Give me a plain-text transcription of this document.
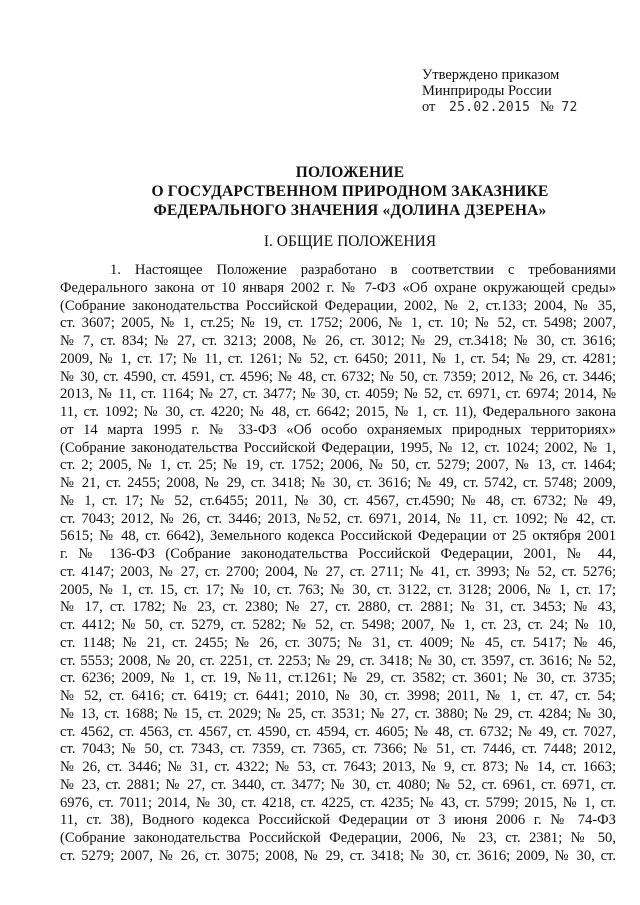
Утверждено приказом
Минприроды России
от 25.02.2015 № 72
ПОЛОЖЕНИЕ
О ГОСУДАРСТВЕННОМ ПРИРОДНОМ ЗАКАЗНИКЕ
ФЕДЕРАЛЬНОГО ЗНАЧЕНИЯ «ДОЛИНА ДЗЕРЕНА»
I. ОБЩИЕ ПОЛОЖЕНИЯ
1. Настоящее Положение разработано в соответствии с требованиями
Федерального закона от 10 января 2002 г. № 7-ФЗ «Об охране окружающей среды»
(Собрание законодательства Российской Федерации, 2002, № 2, ст.133; 2004, № 35,
ст. 3607; 2005, № 1, ст.25; № 19, ст. 1752; 2006, № 1, ст. 10; № 52, ст. 5498; 2007,
№ 7, ст. 834; № 27, ст. 3213; 2008, № 26, ст. 3012; № 29, ст.3418; № 30, ст. 3616;
2009, № 1, ст. 17; № 11, ст. 1261; № 52, ст. 6450; 2011, № 1, ст. 54; № 29, ст. 4281;
№ 30, ст. 4590, ст. 4591, ст. 4596; № 48, ст. 6732; № 50, ст. 7359; 2012, № 26, ст. 3446;
2013, № 11, ст. 1164; № 27, ст. 3477; № 30, ст. 4059; № 52, ст. 6971, ст. 6974; 2014, №
11, ст. 1092; № 30, ст. 4220; № 48, ст. 6642; 2015, № 1, ст. 11), Федерального закона
от 14 марта 1995 г. № 33-ФЗ «Об особо охраняемых природных территориях»
(Собрание законодательства Российской Федерации, 1995, № 12, ст. 1024; 2002, № 1,
ст. 2; 2005, № 1, ст. 25; № 19, ст. 1752; 2006, № 50, ст. 5279; 2007, № 13, ст. 1464;
№ 21, ст. 2455; 2008, № 29, ст. 3418; № 30, ст. 3616; № 49, ст. 5742, ст. 5748; 2009,
№ 1, ст. 17; № 52, ст.6455; 2011, № 30, ст. 4567, ст.4590; № 48, ст. 6732; № 49,
ст. 7043; 2012, № 26, ст. 3446; 2013, №52, ст. 6971, 2014, № 11, ст. 1092; № 42, ст.
5615; № 48, ст. 6642), Земельного кодекса Российской Федерации от 25 октября 2001
г. № 136-ФЗ (Собрание законодательства Российской Федерации, 2001, № 44,
ст. 4147; 2003, № 27, ст. 2700; 2004, № 27, ст. 2711; № 41, ст. 3993; № 52, ст. 5276;
2005, № 1, ст. 15, ст. 17; № 10, ст. 763; № 30, ст. 3122, ст. 3128; 2006, № 1, ст. 17;
№ 17, ст. 1782; № 23, ст. 2380; № 27, ст. 2880, ст. 2881; № 31, ст. 3453; № 43,
ст. 4412; № 50, ст. 5279, ст. 5282; № 52, ст. 5498; 2007, № 1, ст. 23, ст. 24; № 10,
ст. 1148; № 21, ст. 2455; № 26, ст. 3075; № 31, ст. 4009; № 45, ст. 5417; № 46,
ст. 5553; 2008, № 20, ст. 2251, ст. 2253; № 29, ст. 3418; № 30, ст. 3597, ст. 3616; № 52,
ст. 6236; 2009, № 1, ст. 19, №11, ст.1261; № 29, ст. 3582; ст. 3601; № 30, ст. 3735;
№ 52, ст. 6416; ст. 6419; ст. 6441; 2010, № 30, ст. 3998; 2011, № 1, ст. 47, ст. 54;
№ 13, ст. 1688; № 15, ст. 2029; № 25, ст. 3531; № 27, ст. 3880; № 29, ст. 4284; № 30,
ст. 4562, ст. 4563, ст. 4567, ст. 4590, ст. 4594, ст. 4605; № 48, ст. 6732; № 49, ст. 7027,
ст. 7043; № 50, ст. 7343, ст. 7359, ст. 7365, ст. 7366; № 51, ст. 7446, ст. 7448; 2012,
№ 26, ст. 3446; № 31, ст. 4322; № 53, ст. 7643; 2013, № 9, ст. 873; № 14, ст. 1663;
№ 23, ст. 2881; № 27, ст. 3440, ст. 3477; № 30, ст. 4080; № 52, ст. 6961, ст. 6971, ст.
6976, ст. 7011; 2014, № 30, ст. 4218, ст. 4225, ст. 4235; № 43, ст. 5799; 2015, № 1, ст.
11, ст. 38), Водного кодекса Российской Федерации от 3 июня 2006 г. № 74-ФЗ
(Собрание законодательства Российской Федерации, 2006, № 23, ст. 2381; № 50,
ст. 5279; 2007, № 26, ст. 3075; 2008, № 29, ст. 3418; № 30, ст. 3616; 2009, № 30, ст.
